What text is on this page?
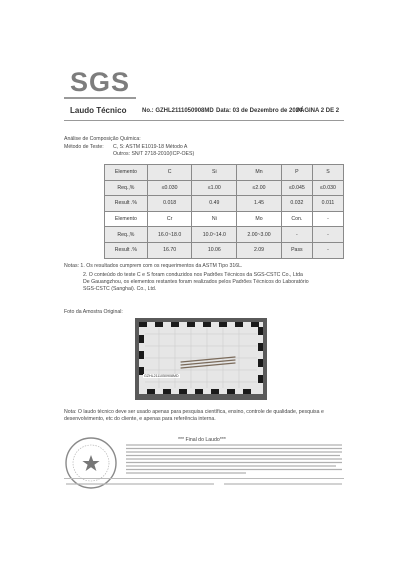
SGS
Laudo Técnico	No.: GZHL2111050908MD Data: 03 de Dezembro de 2024
PÁGINA 2 DE 2
Análise de Composição Química:
Método de Teste: C, S: ASTM E1019-18 Método A
Outros: SN/T 2718-2010(ICP-OES)
Elemento	C	Si	Mn	P	S
Req.,%	≤0.030	≤1.00	≤2.00	≤0.045	≤0.030
Result .%	0.018	0.49	1.45	0.032	0.011
Elemento	Cr	Ni	Mo	Con.	-
Req.,%	16.0~18.0	10.0~14.0	2.00~3.00	-	-
Result .%	16.70	10.06	2.09	Pass	-
Notas: 1. Os resultados cumprem com os requerimentos da ASTM Tipo 316L.
2. O conteúdo do teste C e S foram conduzidos nos Padrões Técnicos da SGS-CSTC Co., Ltda
De Gauangzhou, os elementos restantes foram realizados pelos Padrões Técnicos do Laboratório
SGS-CSTC (Sanghai). Co., Ltd.
Foto da Amostra Original:
GZHL2111050908MD
Nota: O laudo técnico deve ser usado apenas para pesquisa científica, ensino, controle de qualidade, pesquisa e
desenvolvimento, etc do cliente, e apenas para referência interna.
*** Final do Laudo***
